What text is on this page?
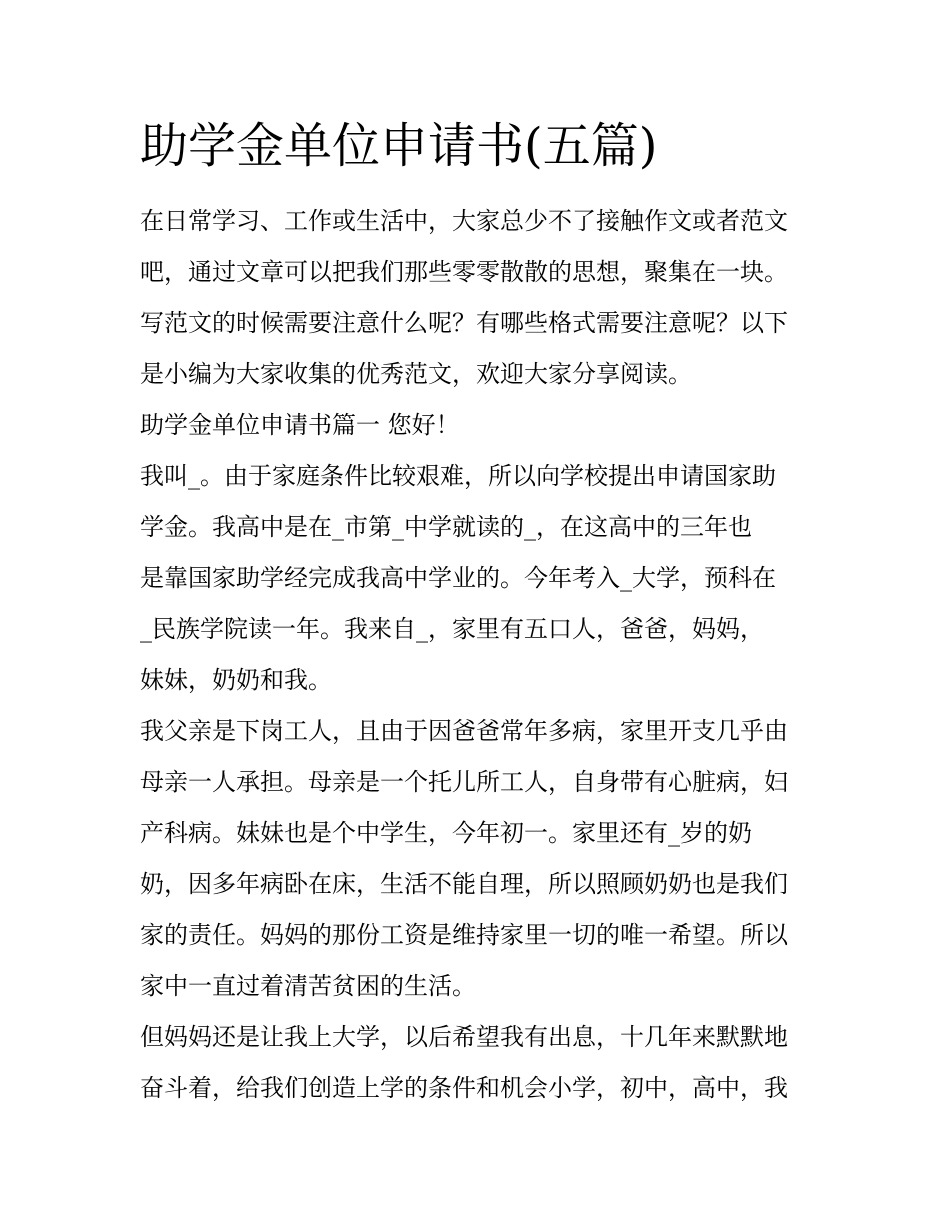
助学金单位申请书(五篇)

在日常学习、工作或生活中，大家总少不了接触作文或者范文
吧，通过文章可以把我们那些零零散散的思想，聚集在一块。
写范文的时候需要注意什么呢？有哪些格式需要注意呢？以下
是小编为大家收集的优秀范文，欢迎大家分享阅读。

助学金单位申请书篇一 您好！

我叫_。由于家庭条件比较艰难，所以向学校提出申请国家助
学金。我高中是在_市第_中学就读的_，在这高中的三年也
是靠国家助学经完成我高中学业的。今年考入_大学，预科在
_民族学院读一年。我来自_，家里有五口人，爸爸，妈妈，
妹妹，奶奶和我。

我父亲是下岗工人，且由于因爸爸常年多病，家里开支几乎由
母亲一人承担。母亲是一个托儿所工人，自身带有心脏病，妇
产科病。妹妹也是个中学生，今年初一。家里还有_岁的奶
奶，因多年病卧在床，生活不能自理，所以照顾奶奶也是我们
家的责任。妈妈的那份工资是维持家里一切的唯一希望。所以
家中一直过着清苦贫困的生活。

但妈妈还是让我上大学，以后希望我有出息，十几年来默默地
奋斗着，给我们创造上学的条件和机会小学，初中，高中，我
